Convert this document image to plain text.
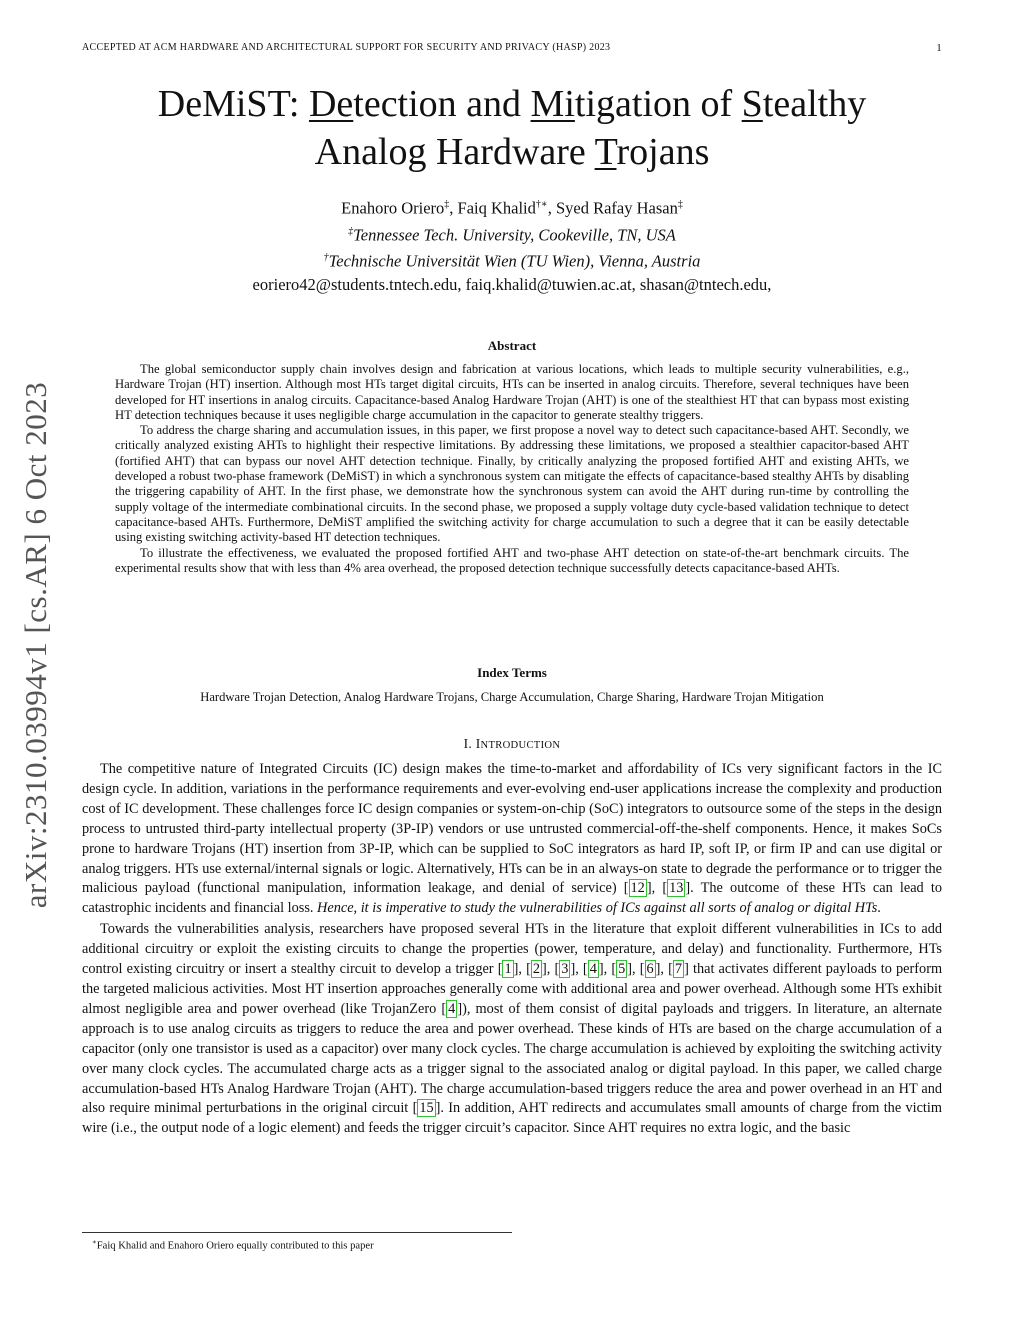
ACCEPTED AT ACM HARDWARE AND ARCHITECTURAL SUPPORT FOR SECURITY AND PRIVACY (HASP) 2023	1
arXiv:2310.03994v1 [cs.AR] 6 Oct 2023
DeMiST: Detection and Mitigation of Stealthy
Analog Hardware Trojans
Enahoro Oriero‡, Faiq Khalid†∗, Syed Rafay Hasan‡
‡Tennessee Tech. University, Cookeville, TN, USA
†Technische Universität Wien (TU Wien), Vienna, Austria
eoriero42@students.tntech.edu, faiq.khalid@tuwien.ac.at, shasan@tntech.edu,
Abstract

The global semiconductor supply chain involves design and fabrication at various locations, which leads to multiple security vulnerabilities, e.g., Hardware Trojan (HT) insertion. Although most HTs target digital circuits, HTs can be inserted in analog circuits. Therefore, several techniques have been developed for HT insertions in analog circuits. Capacitance-based Analog Hardware Trojan (AHT) is one of the stealthiest HT that can bypass most existing HT detection techniques because it uses negligible charge accumulation in the capacitor to generate stealthy triggers.

To address the charge sharing and accumulation issues, in this paper, we first propose a novel way to detect such capacitance-based AHT. Secondly, we critically analyzed existing AHTs to highlight their respective limitations. By addressing these limitations, we proposed a stealthier capacitor-based AHT (fortified AHT) that can bypass our novel AHT detection technique. Finally, by critically analyzing the proposed fortified AHT and existing AHTs, we developed a robust two-phase framework (DeMiST) in which a synchronous system can mitigate the effects of capacitance-based stealthy AHTs by disabling the triggering capability of AHT. In the first phase, we demonstrate how the synchronous system can avoid the AHT during run-time by controlling the supply voltage of the intermediate combinational circuits. In the second phase, we proposed a supply voltage duty cycle-based validation technique to detect capacitance-based AHTs. Furthermore, DeMiST amplified the switching activity for charge accumulation to such a degree that it can be easily detectable using existing switching activity-based HT detection techniques.

To illustrate the effectiveness, we evaluated the proposed fortified AHT and two-phase AHT detection on state-of-the-art benchmark circuits. The experimental results show that with less than 4% area overhead, the proposed detection technique successfully detects capacitance-based AHTs.

Index Terms
Hardware Trojan Detection, Analog Hardware Trojans, Charge Accumulation, Charge Sharing, Hardware Trojan Mitigation
I. INTRODUCTION

The competitive nature of Integrated Circuits (IC) design makes the time-to-market and affordability of ICs very significant factors in the IC design cycle. In addition, variations in the performance requirements and ever-evolving end-user applications increase the complexity and production cost of IC development. These challenges force IC design companies or system-on-chip (SoC) integrators to outsource some of the steps in the design process to untrusted third-party intellectual property (3P-IP) vendors or use untrusted commercial-off-the-shelf components. Hence, it makes SoCs prone to hardware Trojans (HT) insertion from 3P-IP, which can be supplied to SoC integrators as hard IP, soft IP, or firm IP and can use digital or analog triggers. HTs use external/internal signals or logic. Alternatively, HTs can be in an always-on state to degrade the performance or to trigger the malicious payload (functional manipulation, information leakage, and denial of service) [ 12 ], [ 13 ]. The outcome of these HTs can lead to catastrophic incidents and financial loss. Hence, it is imperative to study the vulnerabilities of ICs against all sorts of analog or digital HTs.

Towards the vulnerabilities analysis, researchers have proposed several HTs in the literature that exploit different vulnerabilities in ICs to add additional circuitry or exploit the existing circuits to change the properties (power, temperature, and delay) and functionality. Furthermore, HTs control existing circuitry or insert a stealthy circuit to develop a trigger [ 1 ], [ 2 ], [ 3 ], [ 4 ], [ 5 ], [ 6 ], [ 7 ] that activates different payloads to perform the targeted malicious activities. Most HT insertion approaches generally come with additional area and power overhead. Although some HTs exhibit almost negligible area and power overhead (like TrojanZero [ 4 ]), most of them consist of digital payloads and triggers. In literature, an alternate approach is to use analog circuits as triggers to reduce the area and power overhead. These kinds of HTs are based on the charge accumulation of a capacitor (only one transistor is used as a capacitor) over many clock cycles. The charge accumulation is achieved by exploiting the switching activity over many clock cycles. The accumulated charge acts as a trigger signal to the associated analog or digital payload. In this paper, we called charge accumulation-based HTs Analog Hardware Trojan (AHT). The charge accumulation-based triggers reduce the area and power overhead in an HT and also require minimal perturbations in the original circuit [ 15 ]. In addition, AHT redirects and accumulates small amounts of charge from the victim wire (i.e., the output node of a logic element) and feeds the trigger circuit’s capacitor. Since AHT requires no extra logic, and the basic

∗Faiq Khalid and Enahoro Oriero equally contributed to this paper
